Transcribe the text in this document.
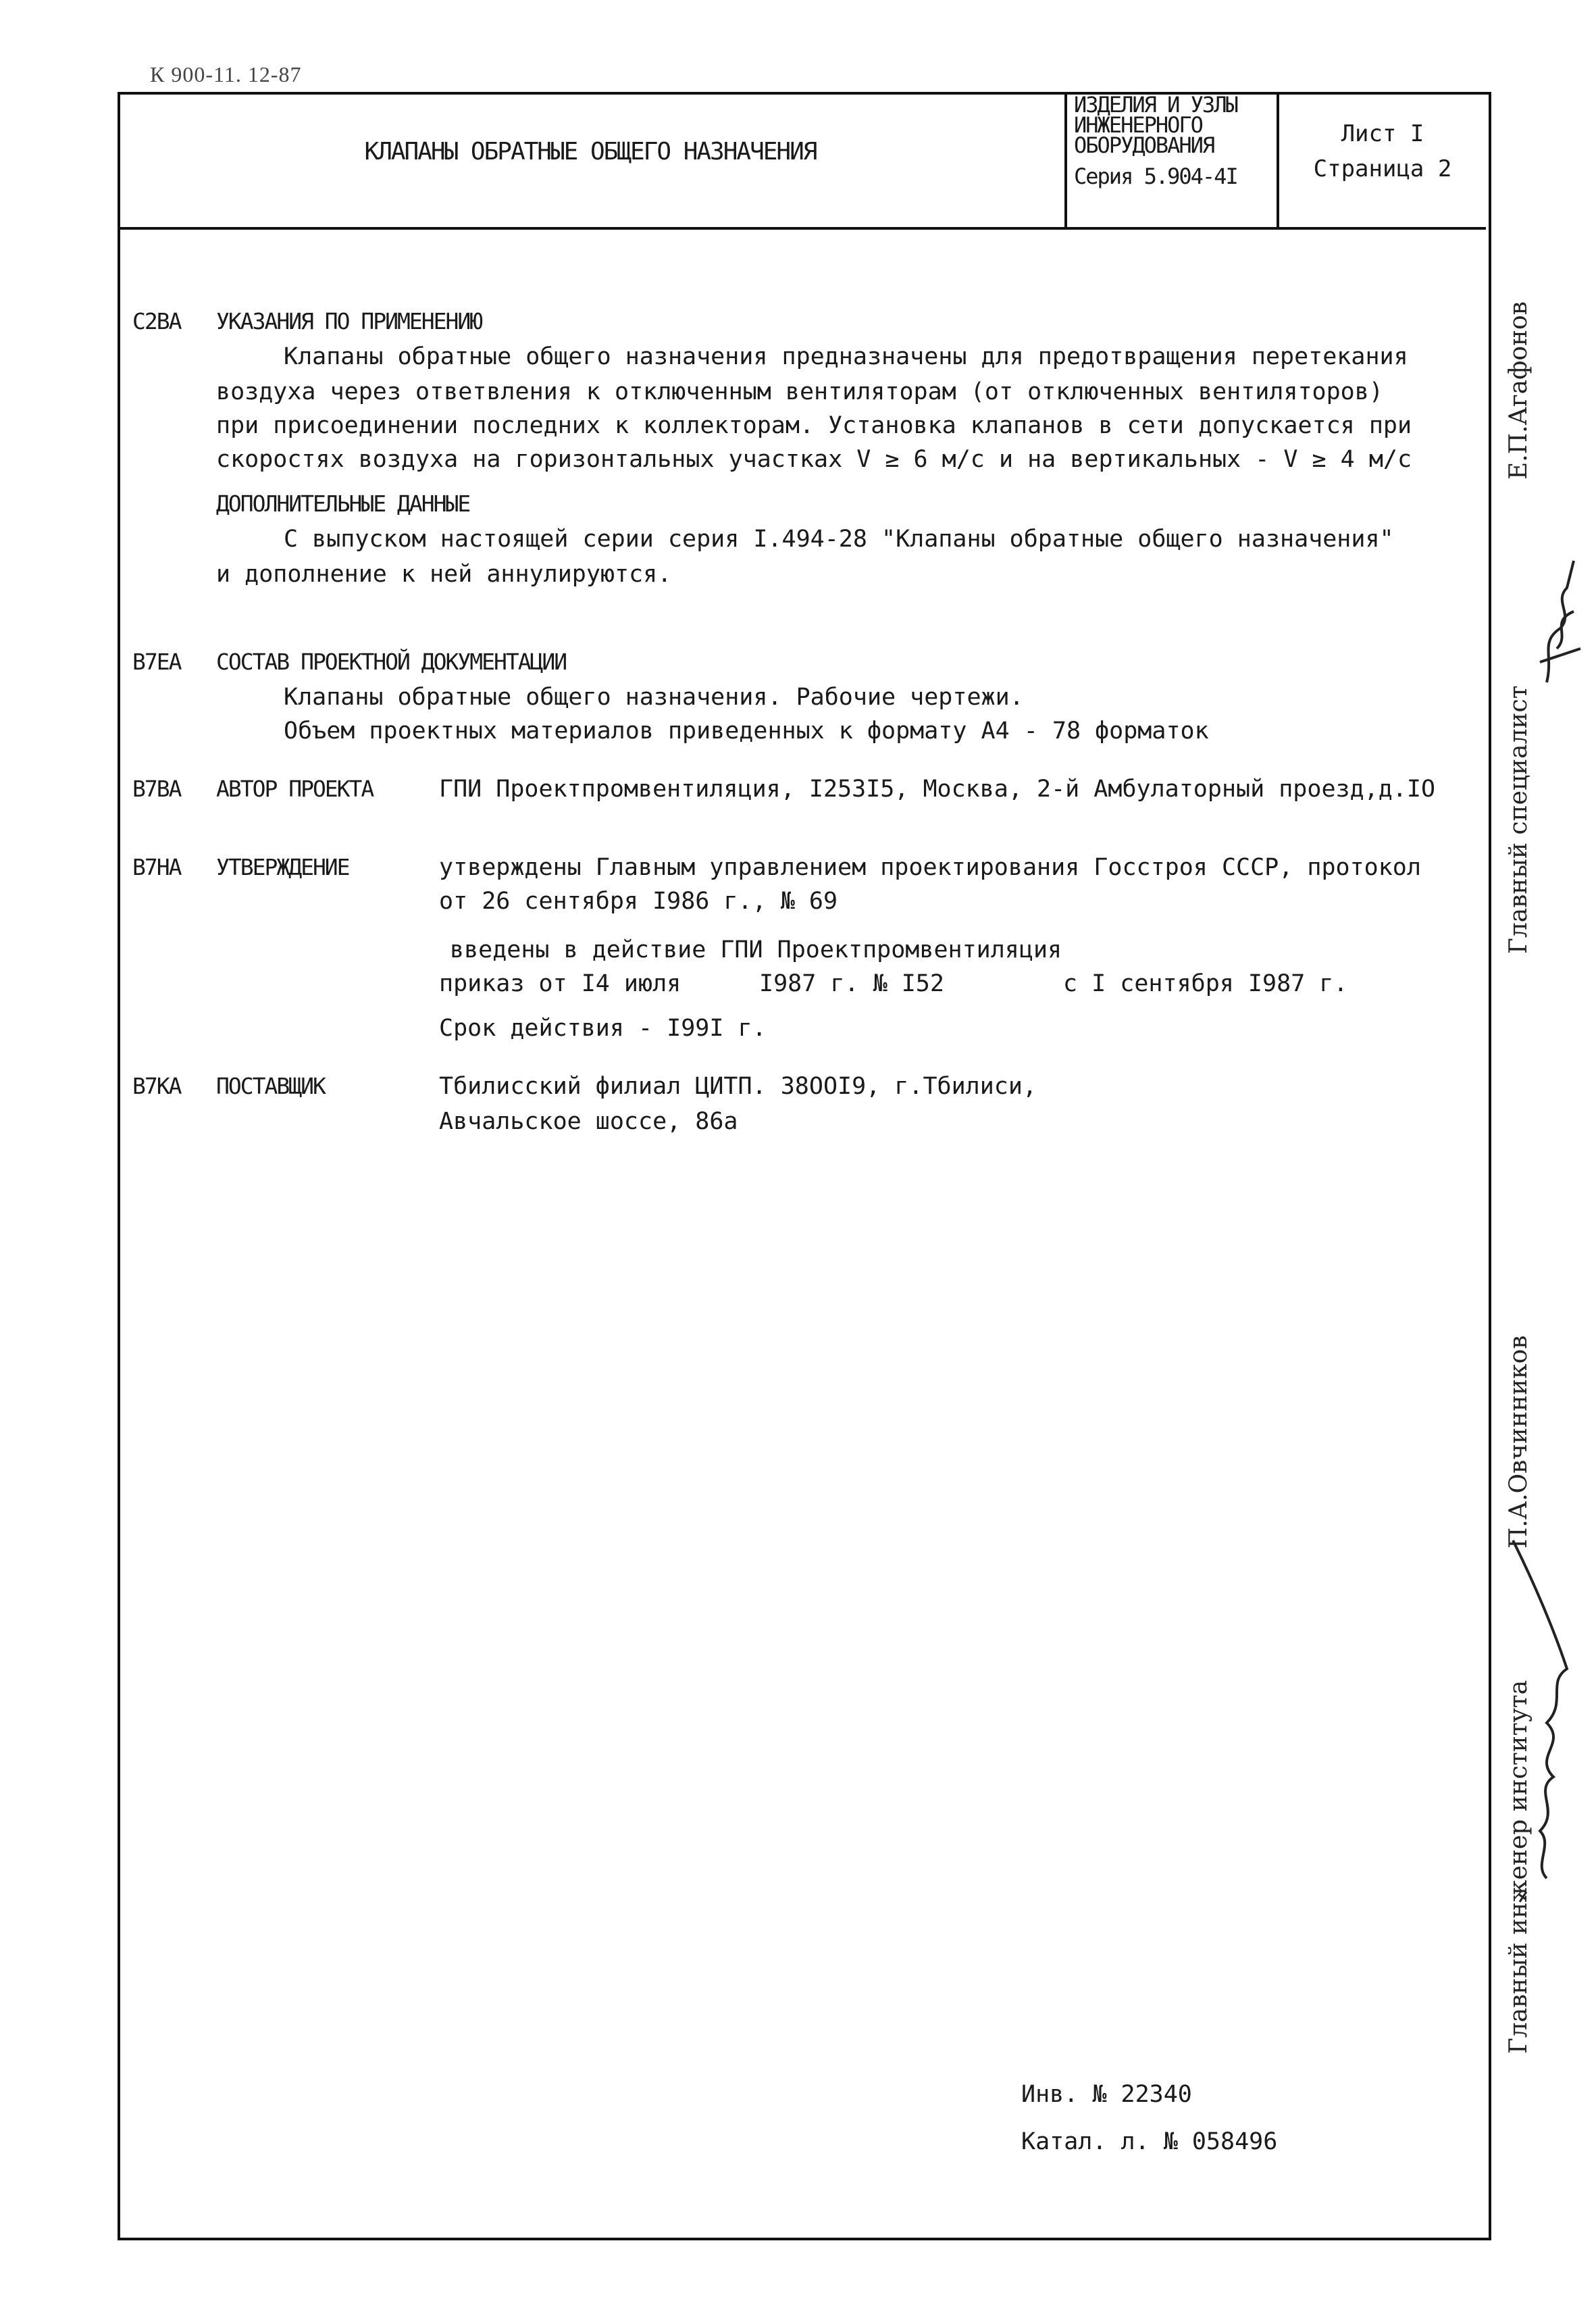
К 900-11. 12-87
КЛАПАНЫ ОБРАТНЫЕ ОБЩЕГО НАЗНАЧЕНИЯ
ИЗДЕЛИЯ И УЗЛЫ
ИНЖЕНЕРНОГО
ОБОРУДОВАНИЯ
Серия 5.904-4I
Лист I
Страница 2
С2ВА УКАЗАНИЯ ПО ПРИМЕНЕНИЮ
Клапаны обратные общего назначения предназначены для предотвращения перетекания
воздуха через ответвления к отключенным вентиляторам (от отключенных вентиляторов)
при присоединении последних к коллекторам. Установка клапанов в сети допускается при
скоростях воздуха на горизонтальных участках V ≥ 6 м/с и на вертикальных - V ≥ 4 м/с
ДОПОЛНИТЕЛЬНЫЕ ДАННЫЕ
С выпуском настоящей серии серия I.494-28 "Клапаны обратные общего назначения"
и дополнение к ней аннулируются.
В7ЕА СОСТАВ ПРОЕКТНОЙ ДОКУМЕНТАЦИИ
Клапаны обратные общего назначения. Рабочие чертежи.
Объем проектных материалов приведенных к формату А4 - 78 форматок
В7ВА АВТОР ПРОЕКТА	ГПИ Проектпромвентиляция, I253I5, Москва, 2-й Амбулаторный проезд,д.IO
В7НА УТВЕРЖДЕНИЕ	утверждены Главным управлением проектирования Госстроя СССР, протокол
от 26 сентября I986 г., № 69
введены в действие ГПИ Проектпромвентиляция
приказ от I4 июля	I987 г. № I52	с I сентября I987 г.
Срок действия - I99I г.
В7КА ПОСТАВЩИК	Тбилисский филиал ЦИТП. 38OOI9, г.Тбилиси,
Авчальское шоссе, 86а
Инв. № 22340
Катал. л. № 058496
Е.П.Агафонов
Главный специалист
П.А.Овчинников
Главный инженер института
